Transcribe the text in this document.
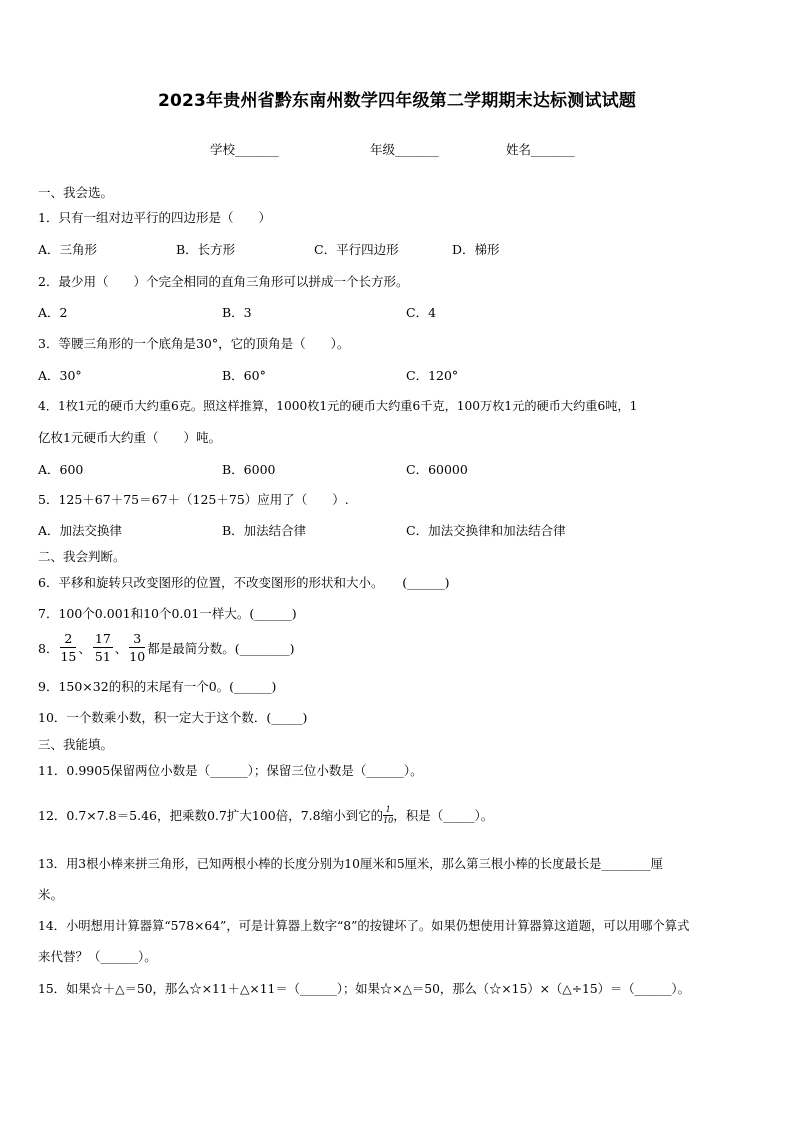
2023年贵州省黔东南州数学四年级第二学期期末达标测试试题
学校_______	年级_______	姓名_______
一、我会选。
1．只有一组对边平行的四边形是（　　）
A．三角形	B．长方形	C．平行四边形	D．梯形
2．最少用（　　）个完全相同的直角三角形可以拼成一个长方形。
A．2	B．3	C．4
3．等腰三角形的一个底角是30°，它的顶角是（　　）。
A．30°	B．60°	C．120°
4．1枚1元的硬币大约重6克。照这样推算，1000枚1元的硬币大约重6千克，100万枚1元的硬币大约重6吨，1
亿枚1元硬币大约重（　　）吨。
A．600	B．6000	C．60000
5．125＋67＋75＝67＋（125＋75）应用了（　　）.
A．加法交换律	B．加法结合律	C．加法交换律和加法结合律
二、我会判断。
6．平移和旋转只改变图形的位置，不改变图形的形状和大小。　　(______)
7．100个0.001和10个0.01一样大。(______)
8． $\frac{2}{15}$ 、 $\frac{17}{51}$ 、 $\frac{3}{10}$ 都是最简分数。(________)
9．150×32的积的末尾有一个0。(______)
10．一个数乘小数，积一定大于这个数．(_____)
三、我能填。
11．0.9905保留两位小数是（______）；保留三位小数是（______）。
12．0.7×7.8＝5.46，把乘数0.7扩大100倍，7.8缩小到它的 $\frac{1}{10}$ ，积是（_____）。
13．用3根小棒来拼三角形，已知两根小棒的长度分别为10厘米和5厘米，那么第三根小棒的长度最长是________厘
米。
14．小明想用计算器算“578×64”，可是计算器上数字“8”的按键坏了。如果仍想使用计算器算这道题，可以用哪个算式
来代替？（______）。
15．如果☆＋△＝50，那么☆×11＋△×11＝（______）；如果☆×△＝50，那么（☆×15）×（△÷15）＝（______）。
